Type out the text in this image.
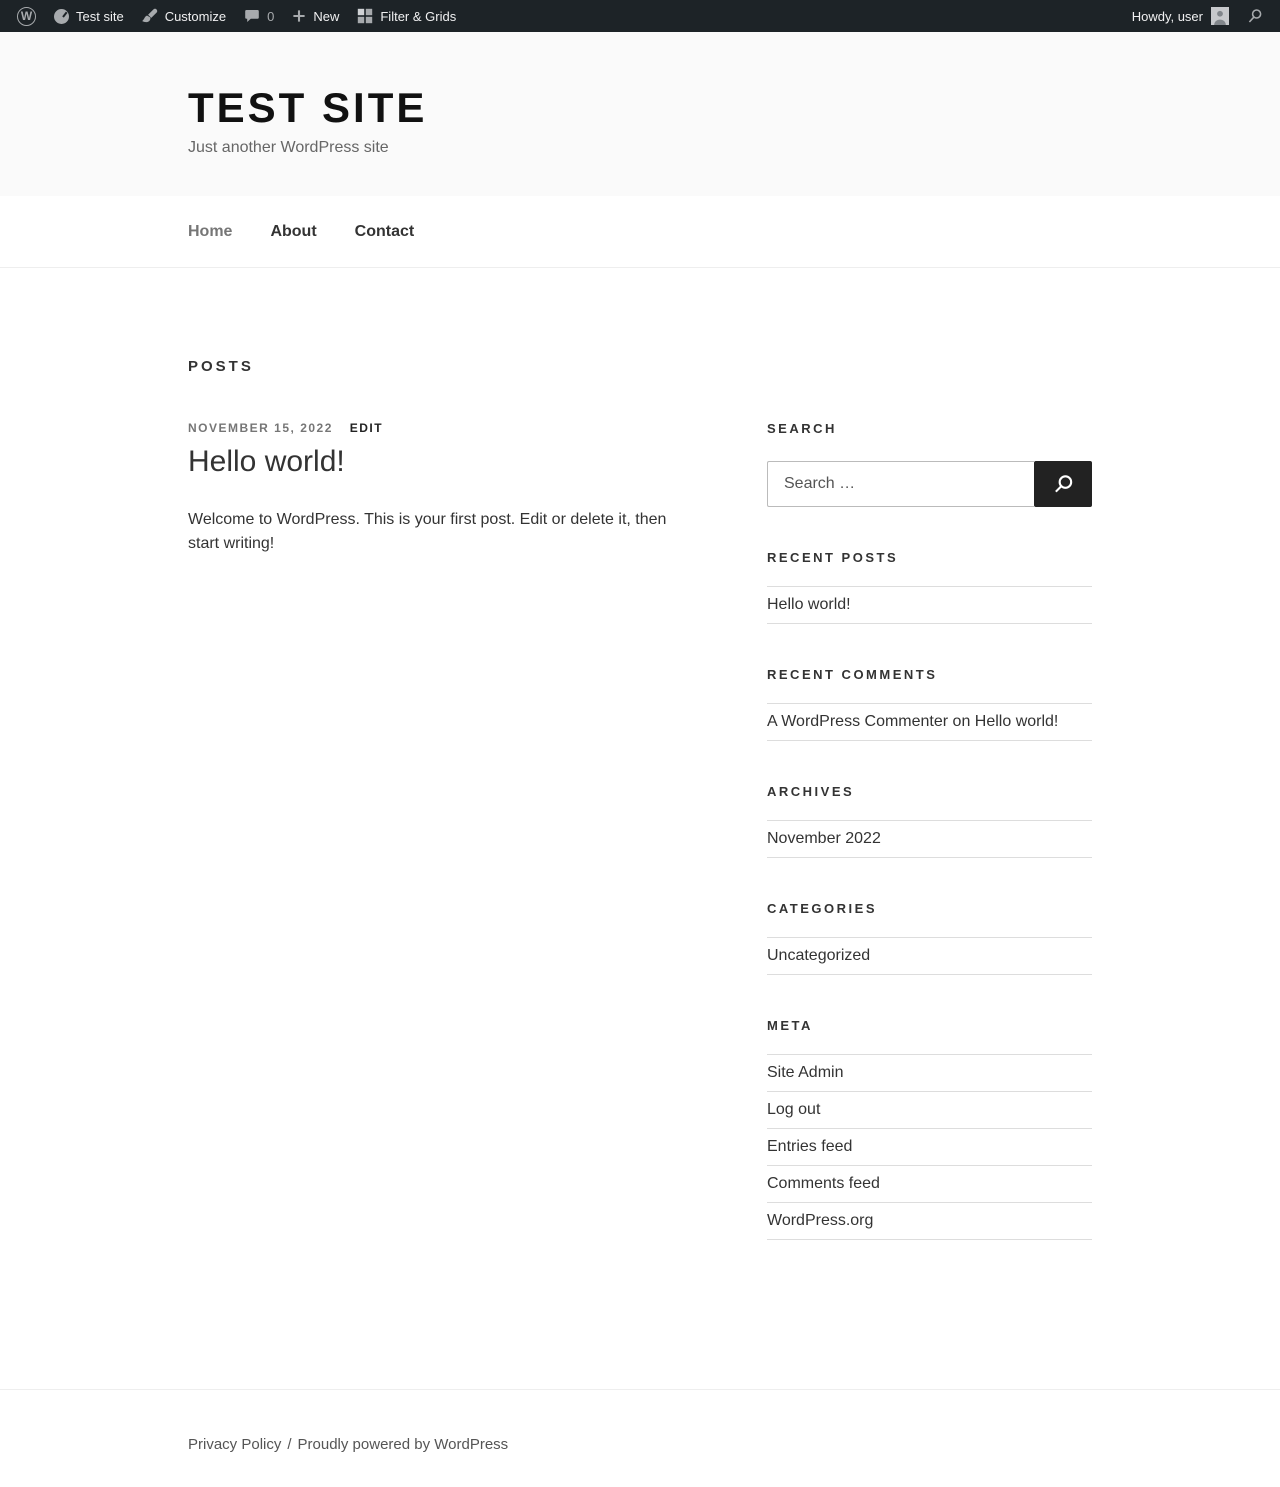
W	Test site	Customize	0	New	Filter & Grids	Howdy, user
TEST SITE
Just another WordPress site
Home About Contact
POSTS
NOVEMBER 15, 2022 EDIT
Hello world!

Welcome to WordPress. This is your first post. Edit or delete it, then start writing!

SEARCH
Search …
RECENT POSTS
Hello world!
RECENT COMMENTS
A WordPress Commenter on Hello world!
ARCHIVES
November 2022
CATEGORIES
Uncategorized
META
Site Admin
Log out
Entries feed
Comments feed
WordPress.org
Privacy Policy / Proudly powered by WordPress
